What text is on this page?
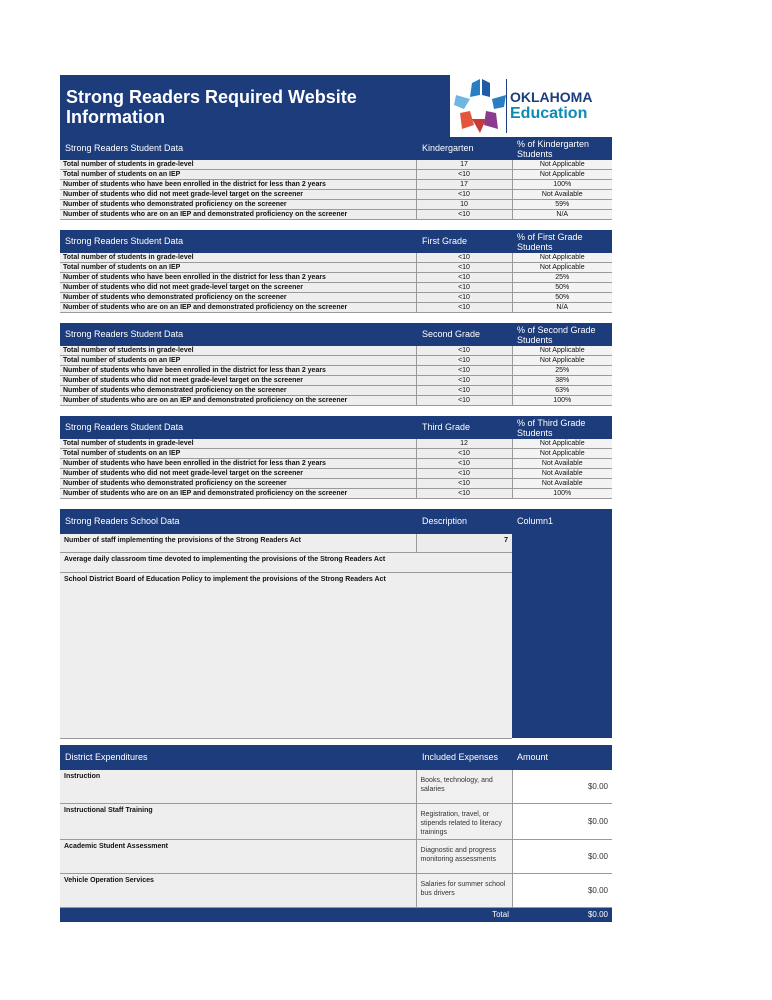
Strong Readers Required Website Information
OKLAHOMA
Education
Strong Readers Student Data	Kindergarten	% of Kindergarten Students
Total number of students in grade-level	17	Not Applicable
Total number of students on an IEP	<10	Not Applicable
Number of students who have been enrolled in the district for less than 2 years	17	100%
Number of students who did not meet grade-level target on the screener	<10	Not Available
Number of students who demonstrated proficiency on the screener	10	59%
Number of students who are on an IEP and demonstrated proficiency on the screener	<10	N/A
Strong Readers Student Data	First Grade	% of First Grade Students
Total number of students in grade-level	<10	Not Applicable
Total number of students on an IEP	<10	Not Applicable
Number of students who have been enrolled in the district for less than 2 years	<10	25%
Number of students who did not meet grade-level target on the screener	<10	50%
Number of students who demonstrated proficiency on the screener	<10	50%
Number of students who are on an IEP and demonstrated proficiency on the screener	<10	N/A
Strong Readers Student Data	Second Grade	% of Second Grade Students
Total number of students in grade-level	<10	Not Applicable
Total number of students on an IEP	<10	Not Applicable
Number of students who have been enrolled in the district for less than 2 years	<10	25%
Number of students who did not meet grade-level target on the screener	<10	38%
Number of students who demonstrated proficiency on the screener	<10	63%
Number of students who are on an IEP and demonstrated proficiency on the screener	<10	100%
Strong Readers Student Data	Third Grade	% of Third Grade Students
Total number of students in grade-level	12	Not Applicable
Total number of students on an IEP	<10	Not Applicable
Number of students who have been enrolled in the district for less than 2 years	<10	Not Available
Number of students who did not meet grade-level target on the screener	<10	Not Available
Number of students who demonstrated proficiency on the screener	<10	Not Available
Number of students who are on an IEP and demonstrated proficiency on the screener	<10	100%
Strong Readers School Data	Description	Column1
Number of staff implementing the provisions of the Strong Readers Act	7	
Average daily classroom time devoted to implementing the provisions of the Strong Readers Act		
School District Board of Education Policy to implement the provisions of the Strong Readers Act		
District Expenditures	Included Expenses	Amount
Instruction	Books, technology, and salaries	$0.00
Instructional Staff Training	Registration, travel, or stipends related to literacy trainings	$0.00
Academic Student Assessment	Diagnostic and progress monitoring assessments	$0.00
Vehicle Operation Services	Salaries for summer school bus drivers	$0.00
	Total	$0.00
